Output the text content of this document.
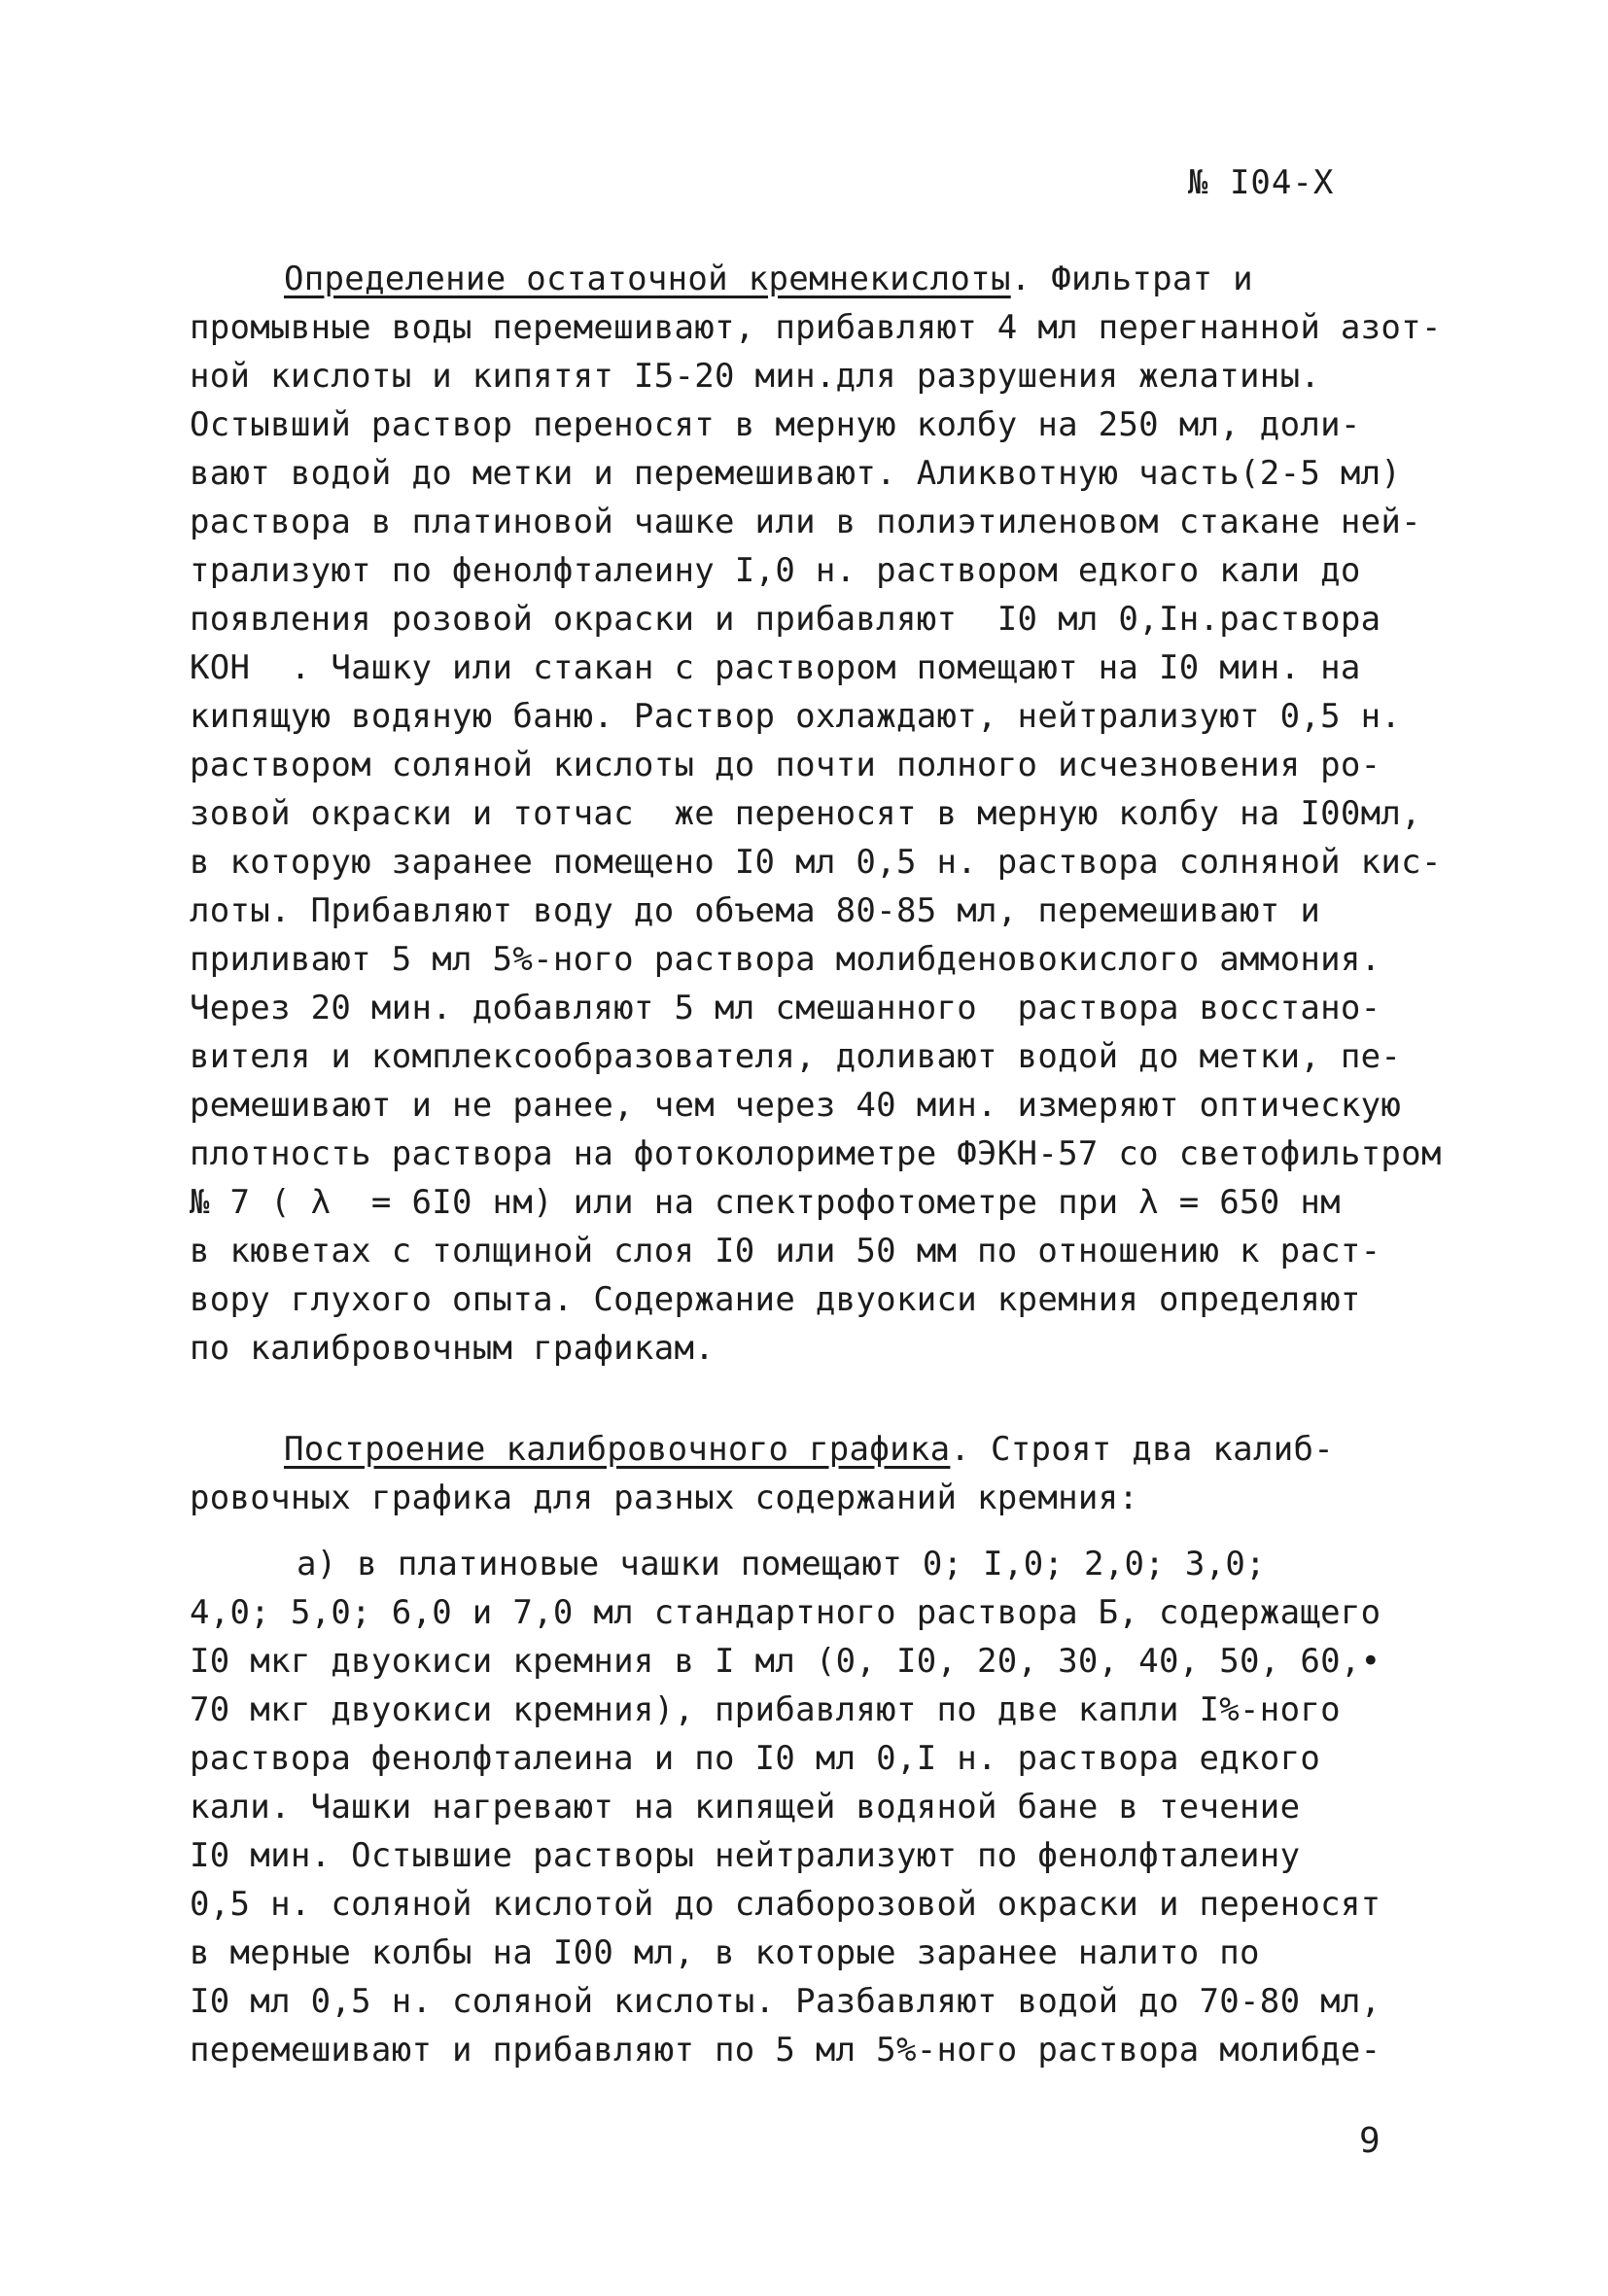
№ I04-X
Определение остаточной кремнекислоты. Фильтрат и
промывные воды перемешивают, прибавляют 4 мл перегнанной азот-
ной кислоты и кипятят I5-20 мин.для разрушения желатины.
Остывший раствор переносят в мерную колбу на 250 мл, доли-
вают водой до метки и перемешивают. Аликвотную часть(2-5 мл)
раствора в платиновой чашке или в полиэтиленовом стакане ней-
трализуют по фенолфталеину I,0 н. раствором едкого кали до
появления розовой окраски и прибавляют  I0 мл 0,Iн.раствора
КОН  . Чашку или стакан с раствором помещают на I0 мин. на
кипящую водяную баню. Раствор охлаждают, нейтрализуют 0,5 н.
раствором соляной кислоты до почти полного исчезновения ро-
зовой окраски и тотчас  же переносят в мерную колбу на I00мл,
в которую заранее помещено I0 мл 0,5 н. раствора солняной кис-
лоты. Прибавляют воду до объема 80-85 мл, перемешивают и
приливают 5 мл 5%-ного раствора молибденовокислого аммония.
Через 20 мин. добавляют 5 мл смешанного  раствора восстано-
вителя и комплексообразователя, доливают водой до метки, пе-
ремешивают и не ранее, чем через 40 мин. измеряют оптическую
плотность раствора на фотоколориметре ФЭКН-57 со светофильтром
№ 7 ( λ  = 6I0 нм) или на спектрофотометре при λ = 650 нм
в кюветах с толщиной слоя I0 или 50 мм по отношению к раст-
вору глухого опыта. Содержание двуокиси кремния определяют
по калибровочным графикам.
Построение калибровочного графика. Строят два калиб-
ровочных графика для разных содержаний кремния:
а) в платиновые чашки помещают 0; I,0; 2,0; 3,0;
4,0; 5,0; 6,0 и 7,0 мл стандартного раствора Б, содержащего
I0 мкг двуокиси кремния в I мл (0, I0, 20, 30, 40, 50, 60,•
70 мкг двуокиси кремния), прибавляют по две капли I%-ного
раствора фенолфталеина и по I0 мл 0,I н. раствора едкого
кали. Чашки нагревают на кипящей водяной бане в течение
I0 мин. Остывшие растворы нейтрализуют по фенолфталеину
0,5 н. соляной кислотой до слаборозовой окраски и переносят
в мерные колбы на I00 мл, в которые заранее налито по
I0 мл 0,5 н. соляной кислоты. Разбавляют водой до 70-80 мл,
перемешивают и прибавляют по 5 мл 5%-ного раствора молибде-
9
